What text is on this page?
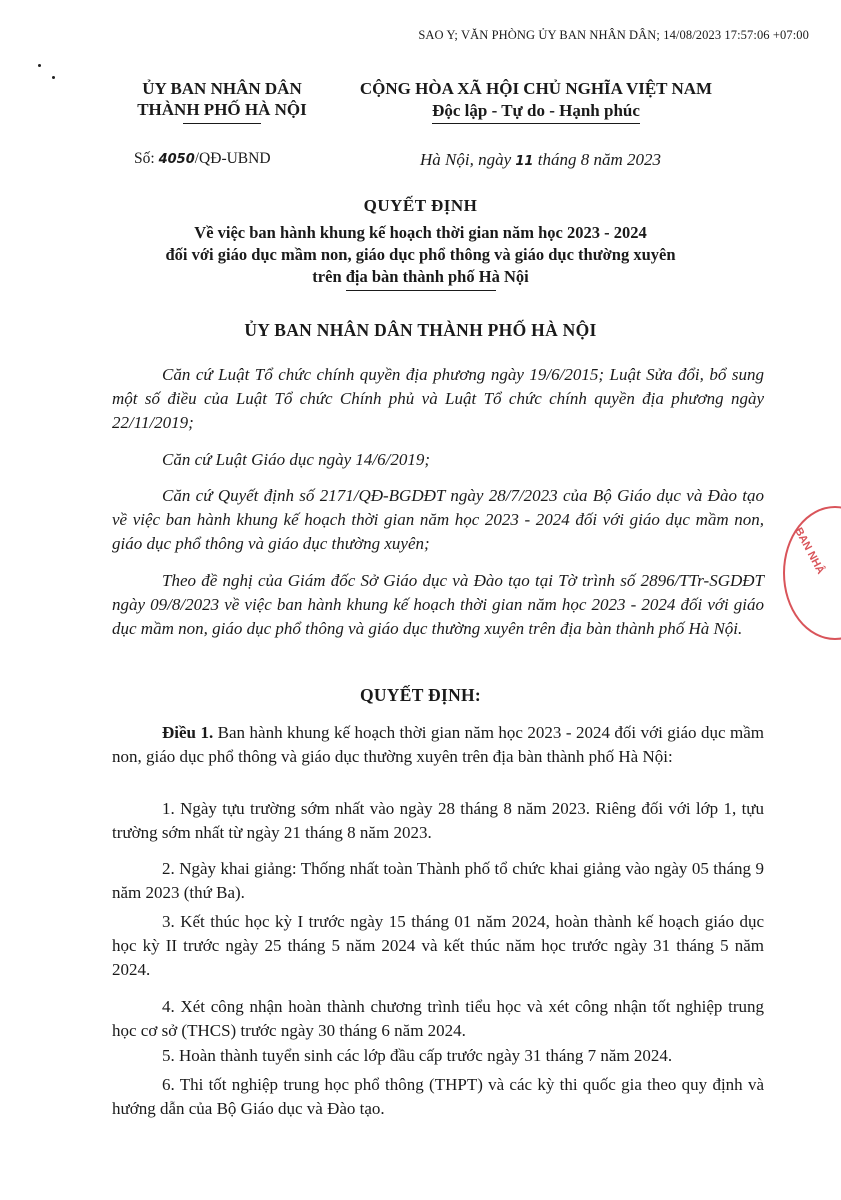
SAO Y; VĂN PHÒNG ỦY BAN NHÂN DÂN; 14/08/2023 17:57:06 +07:00
ỦY BAN NHÂN DÂN
THÀNH PHỐ HÀ NỘI
CỘNG HÒA XÃ HỘI CHỦ NGHĨA VIỆT NAM
Độc lập - Tự do - Hạnh phúc
Số: 4050/QĐ-UBND	Hà Nội, ngày 11 tháng 8 năm 2023
QUYẾT ĐỊNH
Về việc ban hành khung kế hoạch thời gian năm học 2023 - 2024
đối với giáo dục mầm non, giáo dục phổ thông và giáo dục thường xuyên
trên địa bàn thành phố Hà Nội
ỦY BAN NHÂN DÂN THÀNH PHỐ HÀ NỘI
Căn cứ Luật Tổ chức chính quyền địa phương ngày 19/6/2015; Luật Sửa đổi, bổ sung một số điều của Luật Tổ chức Chính phủ và Luật Tổ chức chính quyền địa phương ngày 22/11/2019;
Căn cứ Luật Giáo dục ngày 14/6/2019;
Căn cứ Quyết định số 2171/QĐ-BGDĐT ngày 28/7/2023 của Bộ Giáo dục và Đào tạo về việc ban hành khung kế hoạch thời gian năm học 2023 - 2024 đối với giáo dục mầm non, giáo dục phổ thông và giáo dục thường xuyên;
Theo đề nghị của Giám đốc Sở Giáo dục và Đào tạo tại Tờ trình số 2896/TTr-SGDĐT ngày 09/8/2023 về việc ban hành khung kế hoạch thời gian năm học 2023 - 2024 đối với giáo dục mầm non, giáo dục phổ thông và giáo dục thường xuyên trên địa bàn thành phố Hà Nội.
QUYẾT ĐỊNH:
Điều 1. Ban hành khung kế hoạch thời gian năm học 2023 - 2024 đối với giáo dục mầm non, giáo dục phổ thông và giáo dục thường xuyên trên địa bàn thành phố Hà Nội:
1. Ngày tựu trường sớm nhất vào ngày 28 tháng 8 năm 2023. Riêng đối với lớp 1, tựu trường sớm nhất từ ngày 21 tháng 8 năm 2023.
2. Ngày khai giảng: Thống nhất toàn Thành phố tổ chức khai giảng vào ngày 05 tháng 9 năm 2023 (thứ Ba).
3. Kết thúc học kỳ I trước ngày 15 tháng 01 năm 2024, hoàn thành kế hoạch giáo dục học kỳ II trước ngày 25 tháng 5 năm 2024 và kết thúc năm học trước ngày 31 tháng 5 năm 2024.
4. Xét công nhận hoàn thành chương trình tiểu học và xét công nhận tốt nghiệp trung học cơ sở (THCS) trước ngày 30 tháng 6 năm 2024.
5. Hoàn thành tuyển sinh các lớp đầu cấp trước ngày 31 tháng 7 năm 2024.
6. Thi tốt nghiệp trung học phổ thông (THPT) và các kỳ thi quốc gia theo quy định và hướng dẫn của Bộ Giáo dục và Đào tạo.
BAN NHÂ
